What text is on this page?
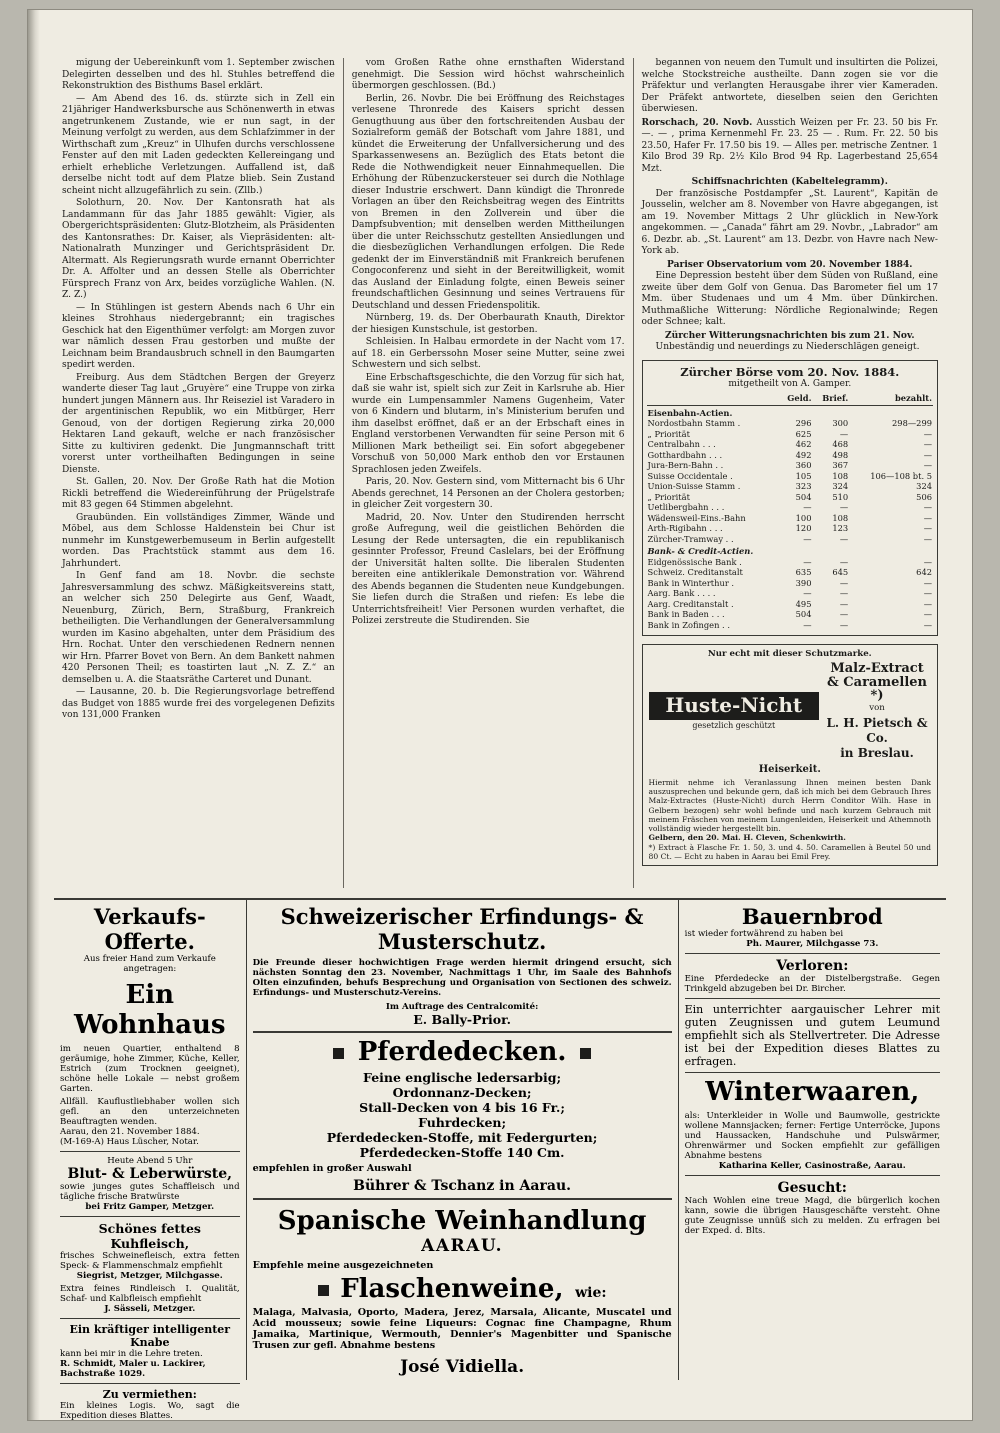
migung der Uebereinkunft vom 1. September zwischen Delegirten desselben und des hl. Stuhles betreffend die Rekonstruktion des Bisthums Basel erklärt.

— Am Abend des 16. ds. stürzte sich in Zell ein 21jähriger Handwerksbursche aus Schönenwerth in etwas angetrunkenem Zustande, wie er nun sagt, in der Meinung verfolgt zu werden, aus dem Schlafzimmer in der Wirthschaft zum „Kreuz“ in Ulhufen durchs verschlossene Fenster auf den mit Laden gedeckten Kellereingang und erhielt erhebliche Verletzungen. Auffallend ist, daß derselbe nicht todt auf dem Platze blieb. Sein Zustand scheint nicht allzugefährlich zu sein. (Zllb.)

Solothurn, 20. Nov. Der Kantonsrath hat als Landammann für das Jahr 1885 gewählt: Vigier, als Obergerichtspräsidenten: Glutz-Blotzheim, als Präsidenten des Kantonsrathes: Dr. Kaiser, als Viepräsidenten: alt-Nationalrath Munzinger und Gerichtspräsident Dr. Altermatt. Als Regierungsrath wurde ernannt Oberrichter Dr. A. Affolter und an dessen Stelle als Oberrichter Fürsprech Franz von Arx, beides vorzügliche Wahlen. (N. Z. Z.)

— In Stühlingen ist gestern Abends nach 6 Uhr ein kleines Strohhaus niedergebrannt; ein tragisches Geschick hat den Eigenthümer verfolgt: am Morgen zuvor war nämlich dessen Frau gestorben und mußte der Leichnam beim Brandausbruch schnell in den Baumgarten spedirt werden.

Freiburg. Aus dem Städtchen Bergen der Greyerz wanderte dieser Tag laut „Gruyère“ eine Truppe von zirka hundert jungen Männern aus. Ihr Reiseziel ist Varadero in der argentinischen Republik, wo ein Mitbürger, Herr Genoud, von der dortigen Regierung zirka 20,000 Hektaren Land gekauft, welche er nach französischer Sitte zu kultiviren gedenkt. Die Jungmannschaft tritt vorerst unter vortheilhaften Bedingungen in seine Dienste.

St. Gallen, 20. Nov. Der Große Rath hat die Motion Rickli betreffend die Wiedereinführung der Prügelstrafe mit 83 gegen 64 Stimmen abgelehnt.

Graubünden. Ein vollständiges Zimmer, Wände und Möbel, aus dem Schlosse Haldenstein bei Chur ist nunmehr im Kunstgewerbemuseum in Berlin aufgestellt worden. Das Prachtstück stammt aus dem 16. Jahrhundert.

In Genf fand am 18. Novbr. die sechste Jahresversammlung des schwz. Mäßigkeitsvereins statt, an welcher sich 250 Delegirte aus Genf, Waadt, Neuenburg, Zürich, Bern, Straßburg, Frankreich betheiligten. Die Verhandlungen der Generalversammlung wurden im Kasino abgehalten, unter dem Präsidium des Hrn. Rochat. Unter den verschiedenen Rednern nennen wir Hrn. Pfarrer Bovet von Bern. An dem Bankett nahmen 420 Personen Theil; es toastirten laut „N. Z. Z.“ an demselben u. A. die Staatsräthe Carteret und Dunant.

— Lausanne, 20. b. Die Regierungsvorlage betreffend das Budget von 1885 wurde frei des vorgelegenen Defizits von 131,000 Franken

vom Großen Rathe ohne ernsthaften Widerstand genehmigt. Die Session wird höchst wahrscheinlich übermorgen geschlossen. (Bd.)

Berlin, 26. Novbr. Die bei Eröffnung des Reichstages verlesene Thronrede des Kaisers spricht dessen Genugthuung aus über den fortschreitenden Ausbau der Sozialreform gemäß der Botschaft vom Jahre 1881, und kündet die Erweiterung der Unfallversicherung und des Sparkassenwesens an. Bezüglich des Etats betont die Rede die Nothwendigkeit neuer Einnahmequellen. Die Erhöhung der Rübenzuckersteuer sei durch die Nothlage dieser Industrie erschwert. Dann kündigt die Thronrede Vorlagen an über den Reichsbeitrag wegen des Eintritts von Bremen in den Zollverein und über die Dampfsubvention; mit denselben werden Mittheilungen über die unter Reichsschutz gestellten Ansiedlungen und die diesbezüglichen Verhandlungen erfolgen. Die Rede gedenkt der im Einverständniß mit Frankreich berufenen Congoconferenz und sieht in der Bereitwilligkeit, womit das Ausland der Einladung folgte, einen Beweis seiner freundschaftlichen Gesinnung und seines Vertrauens für Deutschland und dessen Friedenspolitik.

Nürnberg, 19. ds. Der Oberbaurath Knauth, Direktor der hiesigen Kunstschule, ist gestorben.

Schleisien. In Halbau ermordete in der Nacht vom 17. auf 18. ein Gerberssohn Moser seine Mutter, seine zwei Schwestern und sich selbst.

Eine Erbschaftsgeschichte, die den Vorzug für sich hat, daß sie wahr ist, spielt sich zur Zeit in Karlsruhe ab. Hier wurde ein Lumpensammler Namens Gugenheim, Vater von 6 Kindern und blutarm, in's Ministerium berufen und ihm daselbst eröffnet, daß er an der Erbschaft eines in England verstorbenen Verwandten für seine Person mit 6 Millionen Mark betheiligt sei. Ein sofort abgegebener Vorschuß von 50,000 Mark enthob den vor Erstaunen Sprachlosen jeden Zweifels.

Paris, 20. Nov. Gestern sind, vom Mitternacht bis 6 Uhr Abends gerechnet, 14 Personen an der Cholera gestorben; in gleicher Zeit vorgestern 30.

Madrid, 20. Nov. Unter den Studirenden herrscht große Aufregung, weil die geistlichen Behörden die Lesung der Rede untersagten, die ein republikanisch gesinnter Professor, Freund Caslelars, bei der Eröffnung der Universität halten sollte. Die liberalen Studenten bereiten eine antiklerikale Demonstration vor. Während des Abends begannen die Studenten neue Kundgebungen. Sie liefen durch die Straßen und riefen: Es lebe die Unterrichtsfreiheit! Vier Personen wurden verhaftet, die Polizei zerstreute die Studirenden. Sie

begannen von neuem den Tumult und insultirten die Polizei, welche Stockstreiche austheilte. Dann zogen sie vor die Präfektur und verlangten Herausgabe ihrer vier Kameraden. Der Präfekt antwortete, dieselben seien den Gerichten überwiesen.

Rorschach, 20. Novb. Ausstich Weizen per Fr. 23. 50 bis Fr. —. — , prima Kernenmehl Fr. 23. 25 — . Rum. Fr. 22. 50 bis 23.50, Hafer Fr. 17.50 bis 19. — Alles per. metrische Zentner. 1 Kilo Brod 39 Rp. 2½ Kilo Brod 94 Rp. Lagerbestand 25,654 Mzt.

Schiffsnachrichten (Kabeltelegramm).

Der französische Postdampfer „St. Laurent“, Kapitän de Jousselin, welcher am 8. November von Havre abgegangen, ist am 19. November Mittags 2 Uhr glücklich in New-York angekommen. — „Canada“ fährt am 29. Novbr., „Labrador“ am 6. Dezbr. ab. „St. Laurent“ am 13. Dezbr. von Havre nach New-York ab.

Pariser Observatorium vom 20. November 1884.

Eine Depression besteht über dem Süden von Rußland, eine zweite über dem Golf von Genua. Das Barometer fiel um 17 Mm. über Studenaes und um 4 Mm. über Dünkirchen. Muthmaßliche Witterung: Nördliche Regionalwinde; Regen oder Schnee; kalt.

Zürcher Witterungsnachrichten bis zum 21. Nov.

Unbeständig und neuerdings zu Niederschlägen geneigt.

Zürcher Börse vom 20. Nov. 1884.
mitgetheilt von A. Gamper.
	Geld.	Brief.	bezahlt.
Eisenbahn-Actien.			
Nordostbahn Stamm .	296	300	298—299
„ Priorität	625	—	—
Centralbahn . . .	462	468	—
Gotthardbahn . . .	492	498	—
Jura-Bern-Bahn . .	360	367	—
Suisse Occidentale .	105	108	106—108 bt. 5
Union-Suisse Stamm .	323	324	324
„ Priorität	504	510	506
Uetlibergbahn . . .	—	—	—
Wädensweil-Eins.-Bahn	100	108	—
Arth-Rigibahn . . .	120	123	—
Zürcher-Tramway . .	—	—	—
Bank- & Credit-Actien.			
Eidgenössische Bank .	—	—	—
Schweiz. Creditanstalt	635	645	642
Bank in Winterthur .	390	—	—
Aarg. Bank . . . .	—	—	—
Aarg. Creditanstalt .	495	—	—
Bank in Baden . . .	504	—	—
Bank in Zofingen . .	—	—	—
Nur echt mit dieser Schutzmarke.
Huste-Nicht
gesetzlich geschützt
Malz-Extract & Caramellen *)
von
L. H. Pietsch & Co.
in Breslau.
Heiserkeit.
Hiermit nehme ich Veranlassung Ihnen meinen besten Dank auszusprechen und bekunde gern, daß ich mich bei dem Gebrauch Ihres Malz-Extractes (Huste-Nicht) durch Herrn Conditor Wilh. Hase in Gelbern bezogen) sehr wohl befinde und nach kurzem Gebrauch mit meinem Fräschen von meinem Lungenleiden, Heiserkeit und Athemnoth vollständig wieder hergestellt bin.
Gelbern, den 20. Mai. H. Cleven, Schenkwirth.
*) Extract à Flasche Fr. 1. 50, 3. und 4. 50. Caramellen à Beutel 50 und 80 Ct. — Echt zu haben in Aarau bei Emil Frey.
Verkaufs-Offerte.
Aus freier Hand zum Verkaufe angetragen:
Ein Wohnhaus
im neuen Quartier, enthaltend 8 geräumige, hohe Zimmer, Küche, Keller, Estrich (zum Trocknen geeignet), schöne helle Lokale — nebst großem Garten.
Allfäll. Kauflustliebhaber wollen sich gefl. an den unterzeichneten Beauftragten wenden.
Aarau, den 21. November 1884.
(M-169-A) Haus Lüscher, Notar.
Heute Abend 5 Uhr
Blut- & Leberwürste,
sowie junges gutes Schaffleisch und tägliche frische Bratwürste
bei Fritz Gamper, Metzger.
Schönes fettes Kuhfleisch,
frisches Schweinefleisch, extra fetten Speck- & Flammenschmalz empfiehlt
Siegrist, Metzger, Milchgasse.
Extra feines Rindleisch I. Qualität, Schaf- und Kalbfleisch empfiehlt
J. Sässeli, Metzger.
Ein kräftiger intelligenter Knabe
kann bei mir in die Lehre treten.
R. Schmidt, Maler u. Lackirer, Bachstraße 1029.
Zu vermiethen:
Ein kleines Logis. Wo, sagt die Expedition dieses Blattes.
Schweizerischer Erfindungs- & Musterschutz.
Die Freunde dieser hochwichtigen Frage werden hiermit dringend ersucht, sich nächsten Sonntag den 23. November, Nachmittags 1 Uhr, im Saale des Bahnhofs Olten einzufinden, behufs Besprechung und Organisation von Sectionen des schweiz. Erfindungs- und Musterschutz-Vereins.
Im Auftrage des Centralcomité:
E. Bally-Prior.
Pferdedecken.
Feine englische ledersarbig;
Ordonnanz-Decken;
Stall-Decken von 4 bis 16 Fr.;
Fuhrdecken;
Pferdedecken-Stoffe, mit Federgurten;
Pferdedecken-Stoffe 140 Cm.
empfehlen in großer Auswahl
Bührer & Tschanz in Aarau.
Spanische Weinhandlung
AARAU.
Empfehle meine ausgezeichneten
Flaschenweine, wie:
Malaga, Malvasia, Oporto, Madera, Jerez, Marsala, Alicante, Muscatel und Acid mousseux; sowie feine Liqueurs: Cognac fine Champagne, Rhum Jamaika, Martinique, Wermouth, Dennier's Magenbitter und Spanische Trusen zur gefl. Abnahme bestens
José Vidiella.
Bauernbrod
ist wieder fortwährend zu haben bei
Ph. Maurer, Milchgasse 73.
Verloren:
Eine Pferdedecke an der Distelbergstraße. Gegen Trinkgeld abzugeben bei Dr. Bircher.
Ein unterrichter aargauischer Lehrer mit guten Zeugnissen und gutem Leumund empfiehlt sich als Stellvertreter. Die Adresse ist bei der Expedition dieses Blattes zu erfragen.
Winterwaaren,
als: Unterkleider in Wolle und Baumwolle, gestrickte wollene Mannsjacken; ferner: Fertige Unterröcke, Jupons und Haussacken, Handschuhe und Pulswärmer, Ohrenwärmer und Socken empfiehlt zur gefälligen Abnahme bestens
Katharina Keller, Casinostraße, Aarau.
Gesucht:
Nach Wohlen eine treue Magd, die bürgerlich kochen kann, sowie die übrigen Hausgeschäfte versteht. Ohne gute Zeugnisse unnüß sich zu melden. Zu erfragen bei der Exped. d. Blts.
